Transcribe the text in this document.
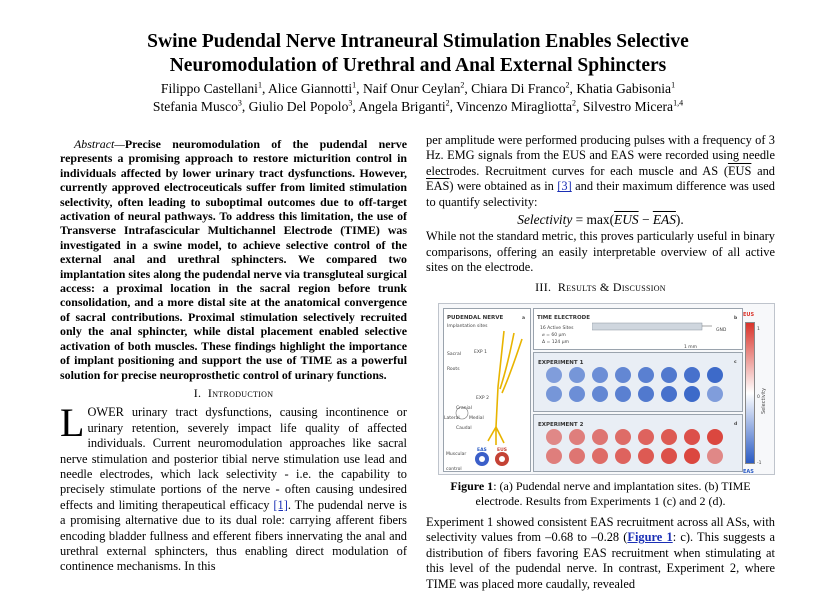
Swine Pudendal Nerve Intraneural Stimulation Enables Selective
Neuromodulation of Urethral and Anal External Sphincters
Filippo Castellani$^1$, Alice Giannotti$^1$, Naif Onur Ceylan$^2$, Chiara Di Franco$^2$, Khatia Gabisonia$^1$
Stefania Musco$^3$, Giulio Del Popolo$^3$, Angela Briganti$^2$, Vincenzo Miragliotta$^2$, Silvestro Micera$^{1,4}$

Abstract—Precise neuromodulation of the pudendal nerve represents a promising approach to restore micturition control in individuals affected by lower urinary tract dysfunctions. However, currently approved electroceuticals suffer from limited stimulation selectivity, often leading to suboptimal outcomes due to off-target activation of neural pathways. To address this limitation, the use of Transverse Intrafascicular Multichannel Electrode (TIME) was investigated in a swine model, to achieve selective control of the external anal and urethral sphincters. We compared two implantation sites along the pudendal nerve via transgluteal surgical access: a proximal location in the sacral region before trunk consolidation, and a more distal site at the anatomical convergence of sacral contributions. Proximal stimulation selectively recruited only the anal sphincter, while distal placement enabled selective activation of both muscles. These findings highlight the importance of implant positioning and support the use of TIME as a powerful solution for precise neuroprosthetic control of urinary functions.

I. Introduction

LOWER urinary tract dysfunctions, causing incontinence or urinary retention, severely impact life quality of affected individuals. Current neuromodulation approaches like sacral nerve stimulation and posterior tibial nerve stimulation use lead and needle electrodes, which lack selectivity - i.e. the capability to precisely stimulate portions of the nerve - often causing undesired effects and limiting therapeutical efficacy [1]. The pudendal nerve is a promising alternative due to its dual role: carrying afferent fibers encoding bladder fullness and efferent fibers innervating the anal and urethral external sphincters, thus enabling direct modulation of continence mechanisms. In this

per amplitude were performed producing pulses with a frequency of 3 Hz. EMG signals from the EUS and EAS were recorded using needle electrodes. Recruitment curves for each muscle and AS ($\overline{EUS}$ and $\overline{EAS}$) were obtained as in [3] and their maximum difference was used to quantify selectivity:

Selectivity = $\max(\overline{EUS} - \overline{EAS})$.

While not the standard metric, this proves particularly useful in binary comparisons, offering an easily interpretable overview of all active sites on the electrode.

III. Results & Discussion
PUDENDAL NERVE
Implantation sites
Sacral Roots
EXP 1
EXP 2
Muscular control
EAS EUS
Cranial
Caudal
Lateral Medial
a TIME ELECTRODE
16 Active Sites
⌀ = 60 μm
Δ = 124 μm
GND
1 mm
b
EXPERIMENT 1	c
EXPERIMENT 2	d
EUS
1
0
-1
Selectivity
EAS
Figure 1: (a) Pudendal nerve and implantation sites. (b) TIME electrode. Results from Experiments 1 (c) and 2 (d).

Experiment 1 showed consistent EAS recruitment across all ASs, with selectivity values from –0.68 to –0.28 (Figure 1: c). This suggests a distribution of fibers favoring EAS recruitment when stimulating at this level of the pudendal nerve. In contrast, Experiment 2, where TIME was placed more caudally, revealed
